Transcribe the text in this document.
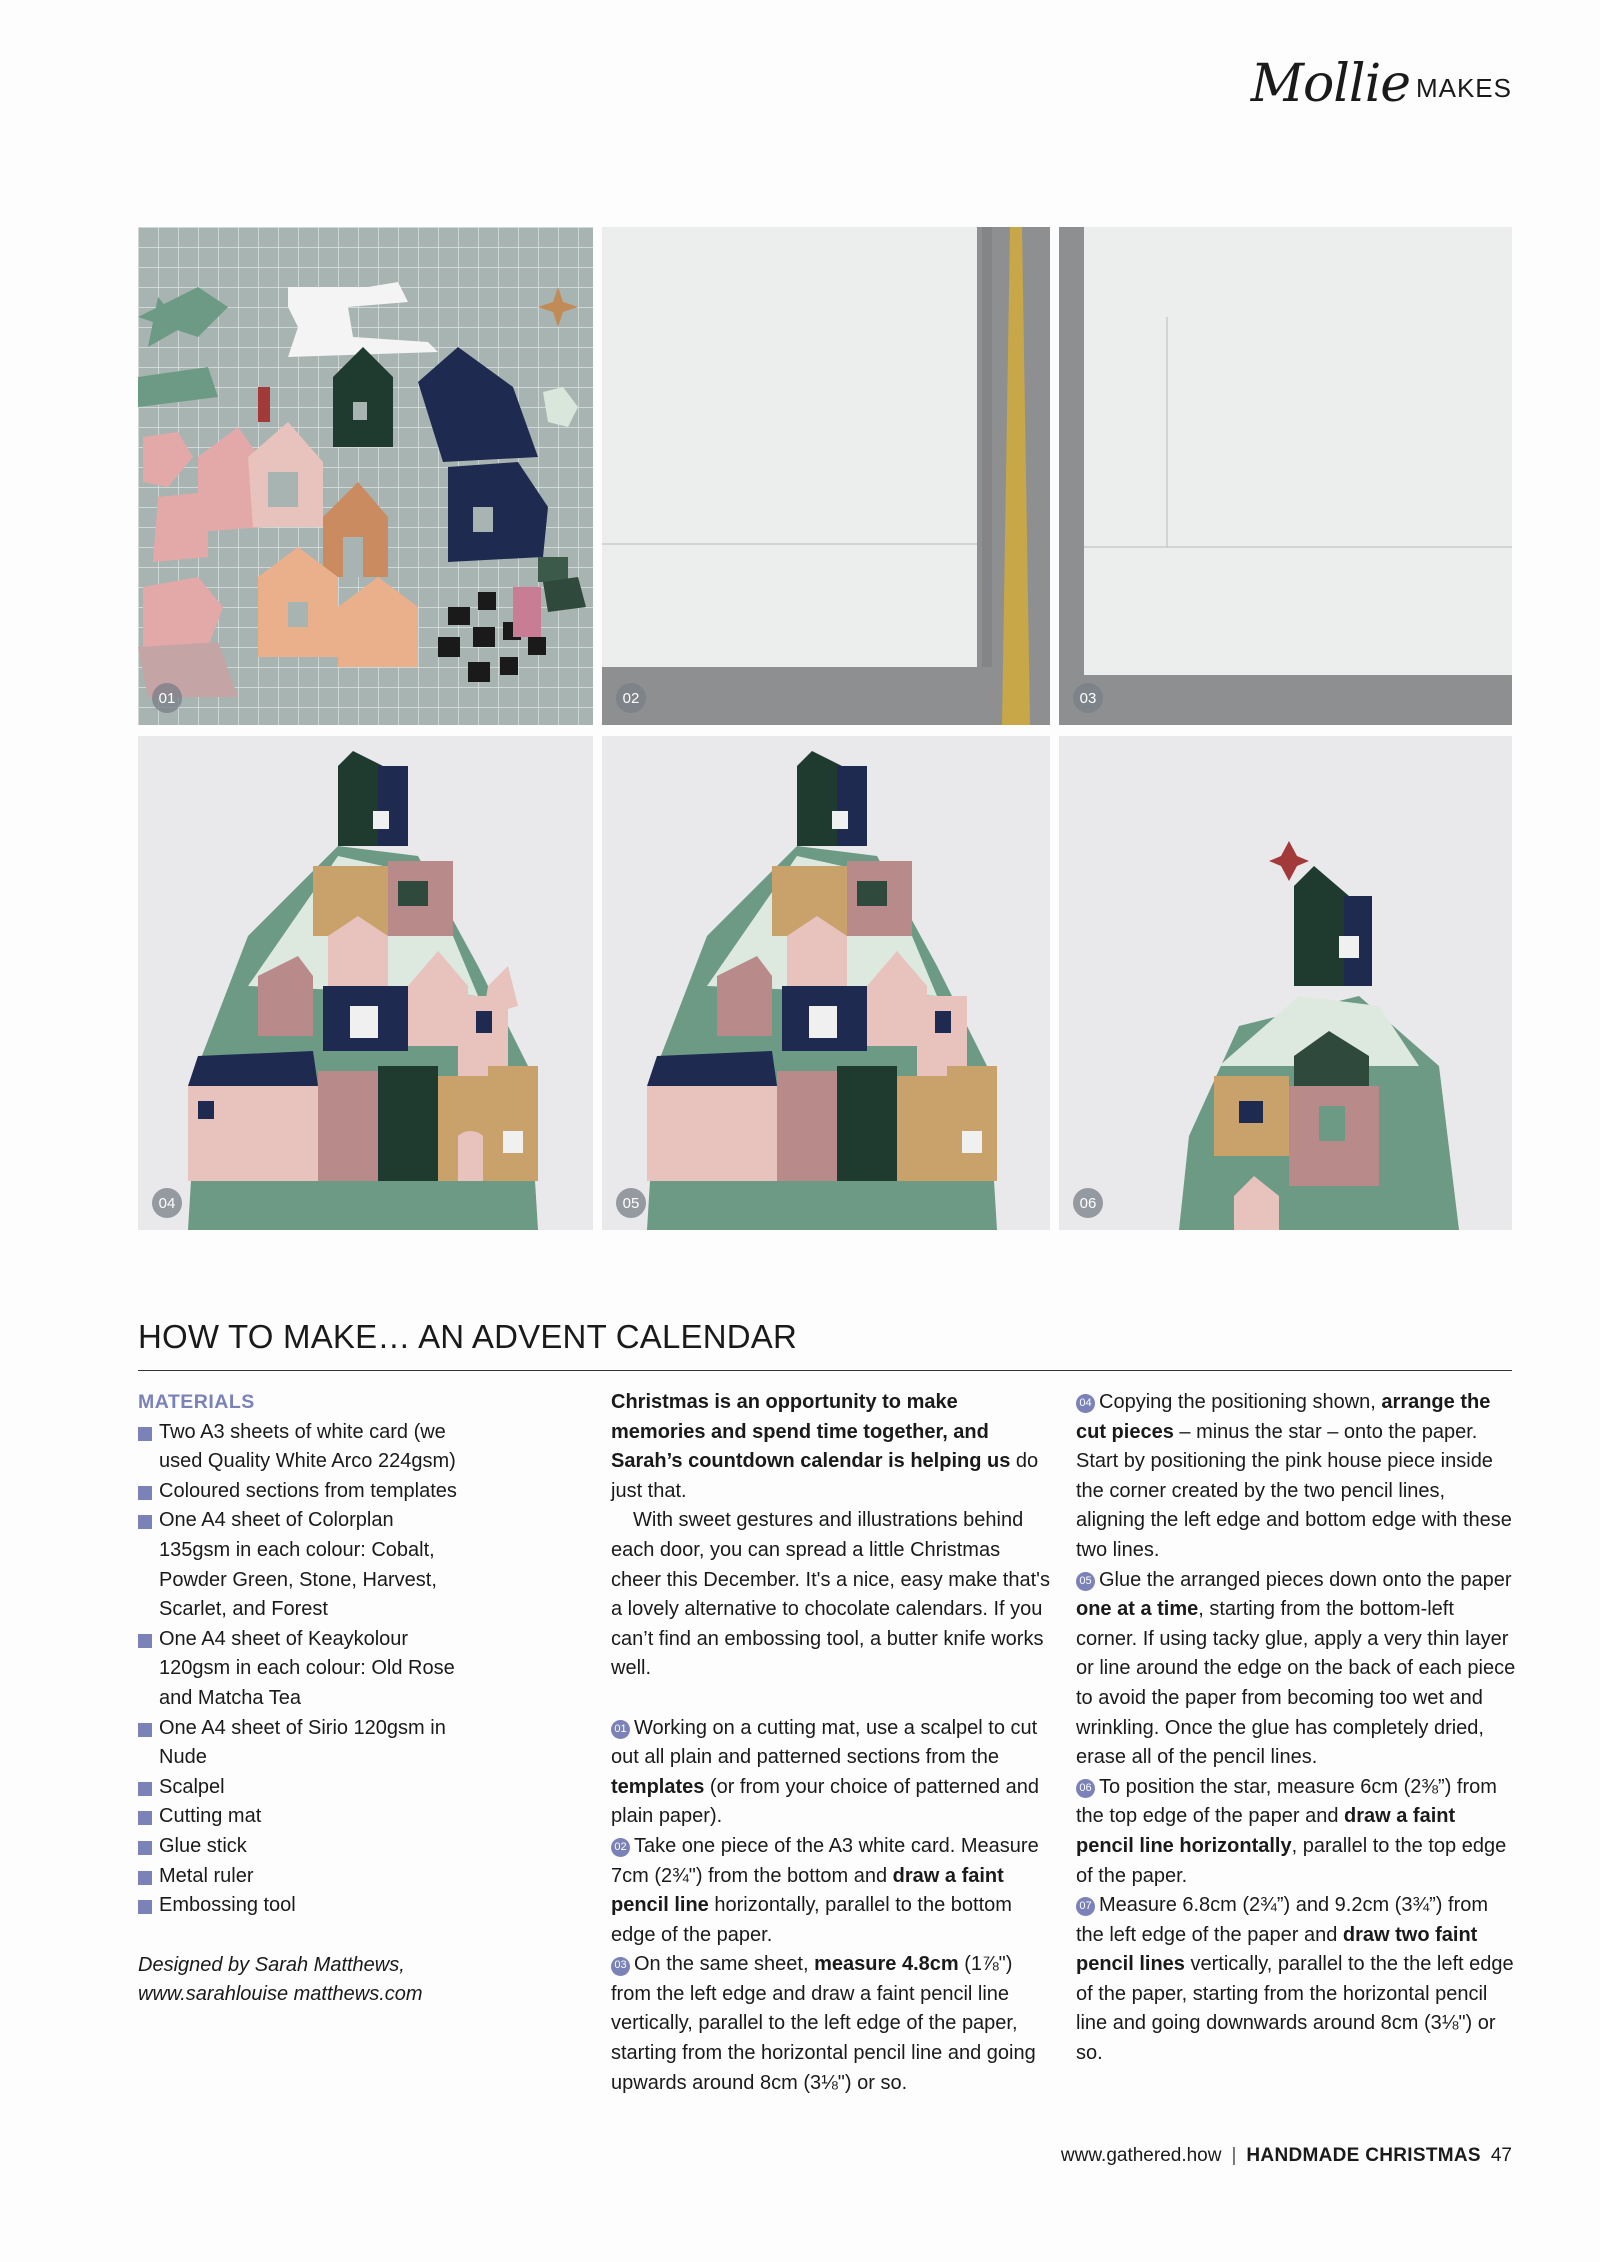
Mollie MAKES
01	02	03
04	05	06
HOW TO MAKE… AN ADVENT CALENDAR

MATERIALS

Two A3 sheets of white card (we used Quality White Arco 224gsm)
Coloured sections from templates
One A4 sheet of Colorplan 135gsm in each colour: Cobalt, Powder Green, Stone, Harvest, Scarlet, and Forest
One A4 sheet of Keaykolour 120gsm in each colour: Old Rose and Matcha Tea
One A4 sheet of Sirio 120gsm in Nude
Scalpel
Cutting mat
Glue stick
Metal ruler
Embossing tool

Designed by Sarah Matthews, www.sarahlouise matthews.com

Christmas is an opportunity to make memories and spend time together, and Sarah’s countdown calendar is helping us do just that.

With sweet gestures and illustrations behind each door, you can spread a little Christmas cheer this December. It's a nice, easy make that's a lovely alternative to chocolate calendars. If you can’t find an embossing tool, a butter knife works well.

01 Working on a cutting mat, use a scalpel to cut out all plain and patterned sections from the templates (or from your choice of patterned and plain paper).

02 Take one piece of the A3 white card. Measure 7cm (2¾") from the bottom and draw a faint pencil line horizontally, parallel to the bottom edge of the paper.

03 On the same sheet, measure 4.8cm (1⅞") from the left edge and draw a faint pencil line vertically, parallel to the left edge of the paper, starting from the horizontal pencil line and going upwards around 8cm (3⅛") or so.

04 Copying the positioning shown, arrange the cut pieces – minus the star – onto the paper. Start by positioning the pink house piece inside the corner created by the two pencil lines, aligning the left edge and bottom edge with these two lines.

05 Glue the arranged pieces down onto the paper one at a time, starting from the bottom-left corner. If using tacky glue, apply a very thin layer or line around the edge on the back of each piece to avoid the paper from becoming too wet and wrinkling. Once the glue has completely dried, erase all of the pencil lines.

06 To position the star, measure 6cm (2⅜”) from the top edge of the paper and draw a faint pencil line horizontally, parallel to the top edge of the paper.

07 Measure 6.8cm (2¾”) and 9.2cm (3¾”) from the left edge of the paper and draw two faint pencil lines vertically, parallel to the the left edge of the paper, starting from the horizontal pencil line and going downwards around 8cm (3⅛") or so.

www.gathered.how | HANDMADE CHRISTMAS 47
